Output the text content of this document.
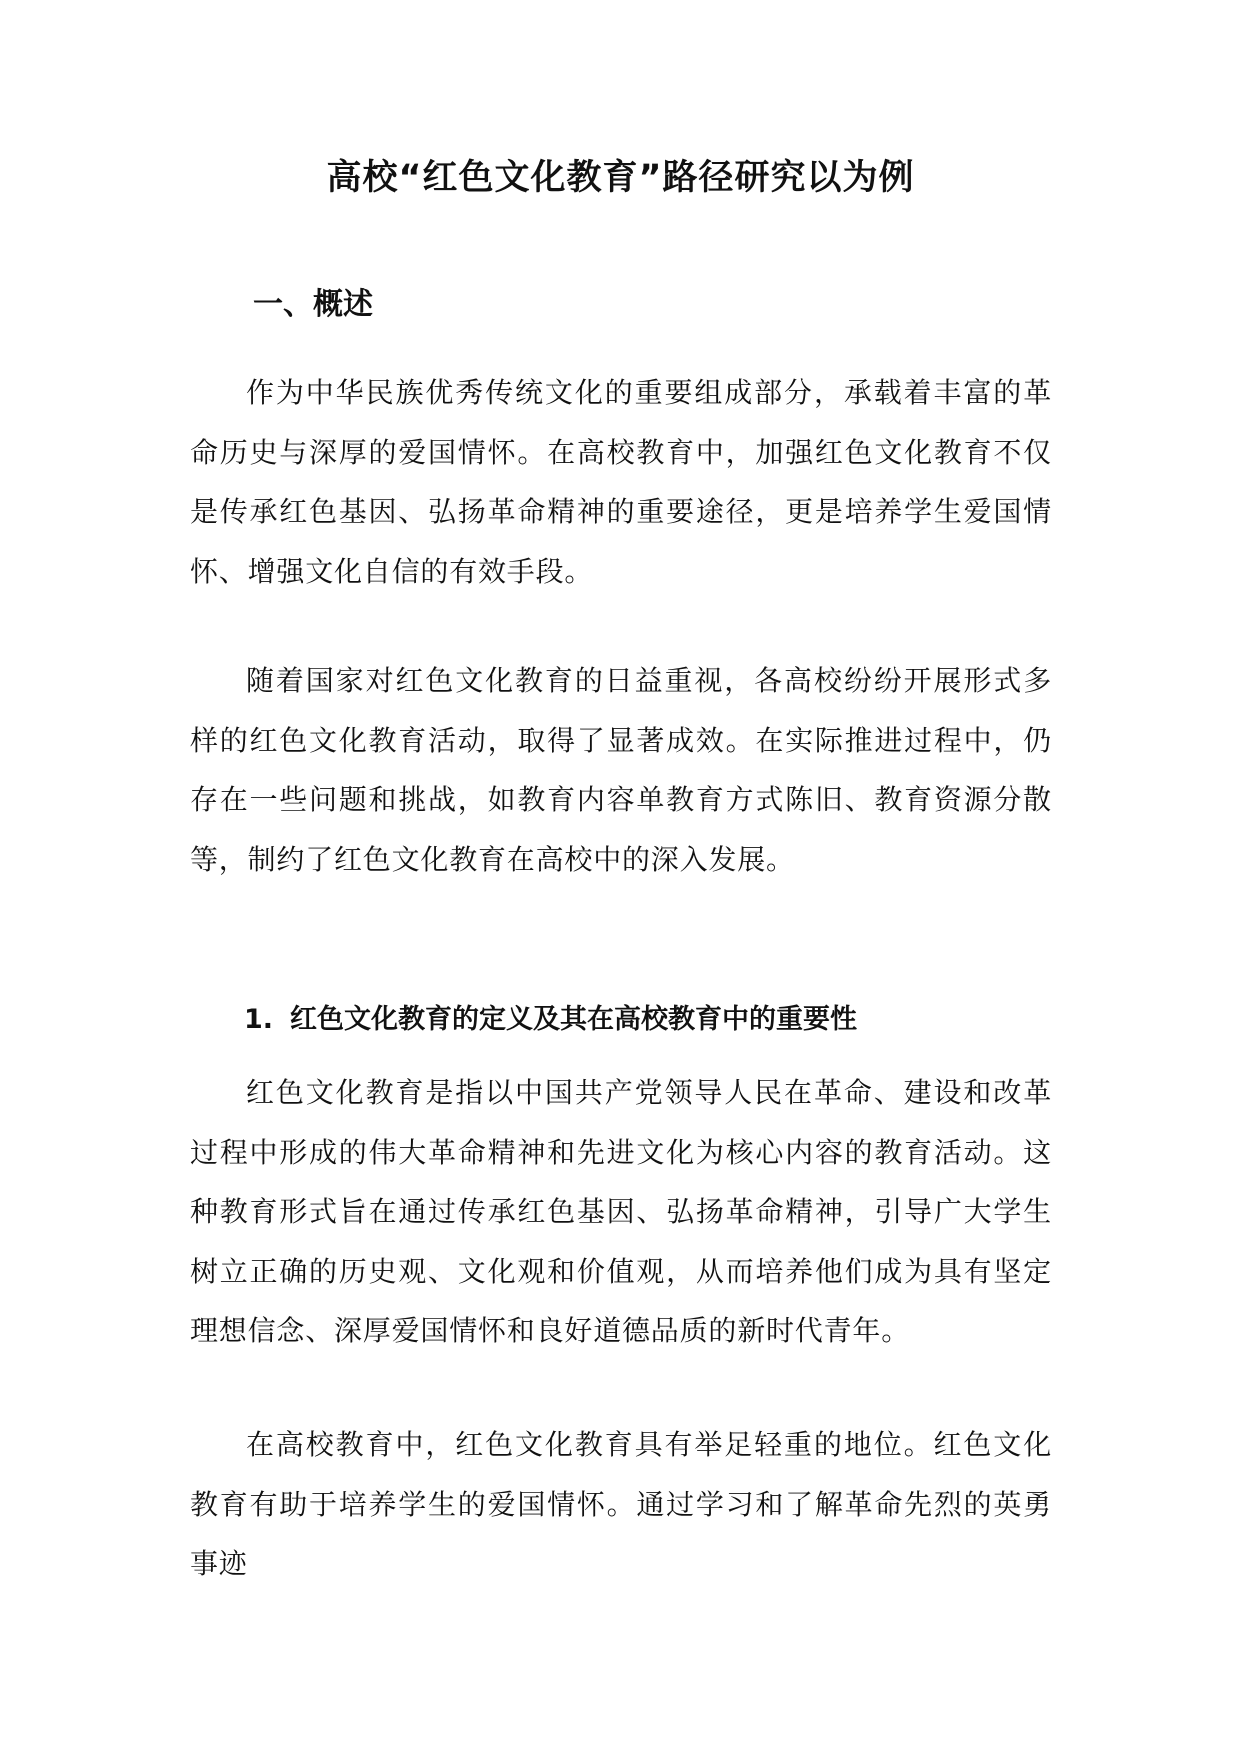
高校“红色文化教育”路径研究以为例
一、概述

作为中华民族优秀传统文化的重要组成部分，承载着丰富的革命历史与深厚的爱国情怀。在高校教育中，加强红色文化教育不仅是传承红色基因、弘扬革命精神的重要途径，更是培养学生爱国情怀、增强文化自信的有效手段。

随着国家对红色文化教育的日益重视，各高校纷纷开展形式多样的红色文化教育活动，取得了显著成效。在实际推进过程中，仍存在一些问题和挑战，如教育内容单教育方式陈旧、教育资源分散等，制约了红色文化教育在高校中的深入发展。

1. 红色文化教育的定义及其在高校教育中的重要性

红色文化教育是指以中国共产党领导人民在革命、建设和改革过程中形成的伟大革命精神和先进文化为核心内容的教育活动。这种教育形式旨在通过传承红色基因、弘扬革命精神，引导广大学生树立正确的历史观、文化观和价值观，从而培养他们成为具有坚定理想信念、深厚爱国情怀和良好道德品质的新时代青年。

在高校教育中，红色文化教育具有举足轻重的地位。红色文化教育有助于培养学生的爱国情怀。通过学习和了解革命先烈的英勇事迹
